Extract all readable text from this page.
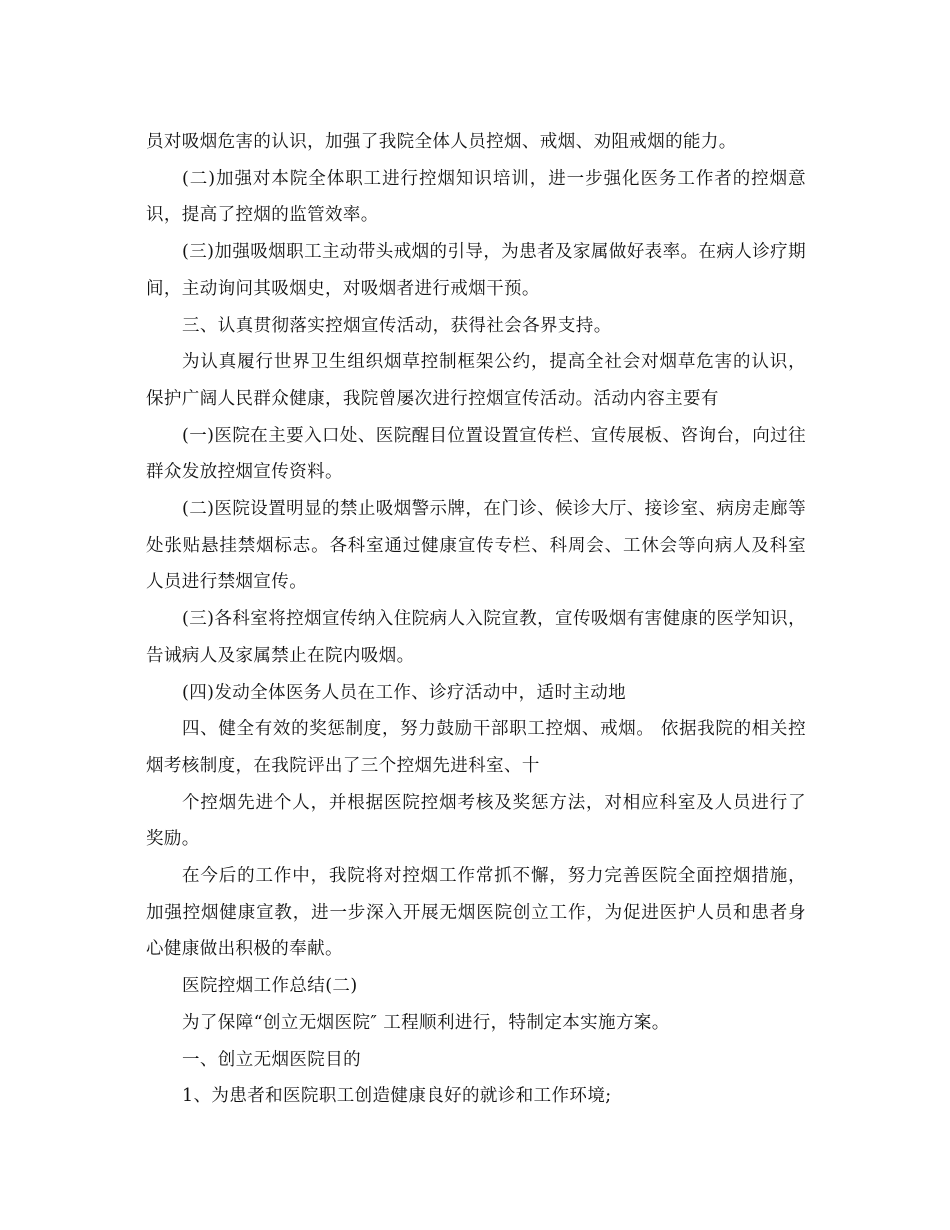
员对吸烟危害的认识，加强了我院全体人员控烟、戒烟、劝阻戒烟的能力。

(二)加强对本院全体职工进行控烟知识培训，进一步强化医务工作者的控烟意识，提高了控烟的监管效率。

(三)加强吸烟职工主动带头戒烟的引导，为患者及家属做好表率。在病人诊疗期间，主动询问其吸烟史，对吸烟者进行戒烟干预。

三、认真贯彻落实控烟宣传活动，获得社会各界支持。

为认真履行世界卫生组织烟草控制框架公约，提高全社会对烟草危害的认识，保护广阔人民群众健康，我院曾屡次进行控烟宣传活动。活动内容主要有

(一)医院在主要入口处、医院醒目位置设置宣传栏、宣传展板、咨询台，向过往群众发放控烟宣传资料。

(二)医院设置明显的禁止吸烟警示牌，在门诊、候诊大厅、接诊室、病房走廊等处张贴悬挂禁烟标志。各科室通过健康宣传专栏、科周会、工休会等向病人及科室人员进行禁烟宣传。

(三)各科室将控烟宣传纳入住院病人入院宣教，宣传吸烟有害健康的医学知识，告诫病人及家属禁止在院内吸烟。

(四)发动全体医务人员在工作、诊疗活动中，适时主动地

四、健全有效的奖惩制度，努力鼓励干部职工控烟、戒烟。 依据我院的相关控烟考核制度，在我院评出了三个控烟先进科室、十

个控烟先进个人，并根据医院控烟考核及奖惩方法，对相应科室及人员进行了奖励。

在今后的工作中，我院将对控烟工作常抓不懈，努力完善医院全面控烟措施，加强控烟健康宣教，进一步深入开展无烟医院创立工作，为促进医护人员和患者身心健康做出积极的奉献。

医院控烟工作总结(二)

为了保障“创立无烟医院″ 工程顺利进行，特制定本实施方案。

一、创立无烟医院目的

1、为患者和医院职工创造健康良好的就诊和工作环境;
